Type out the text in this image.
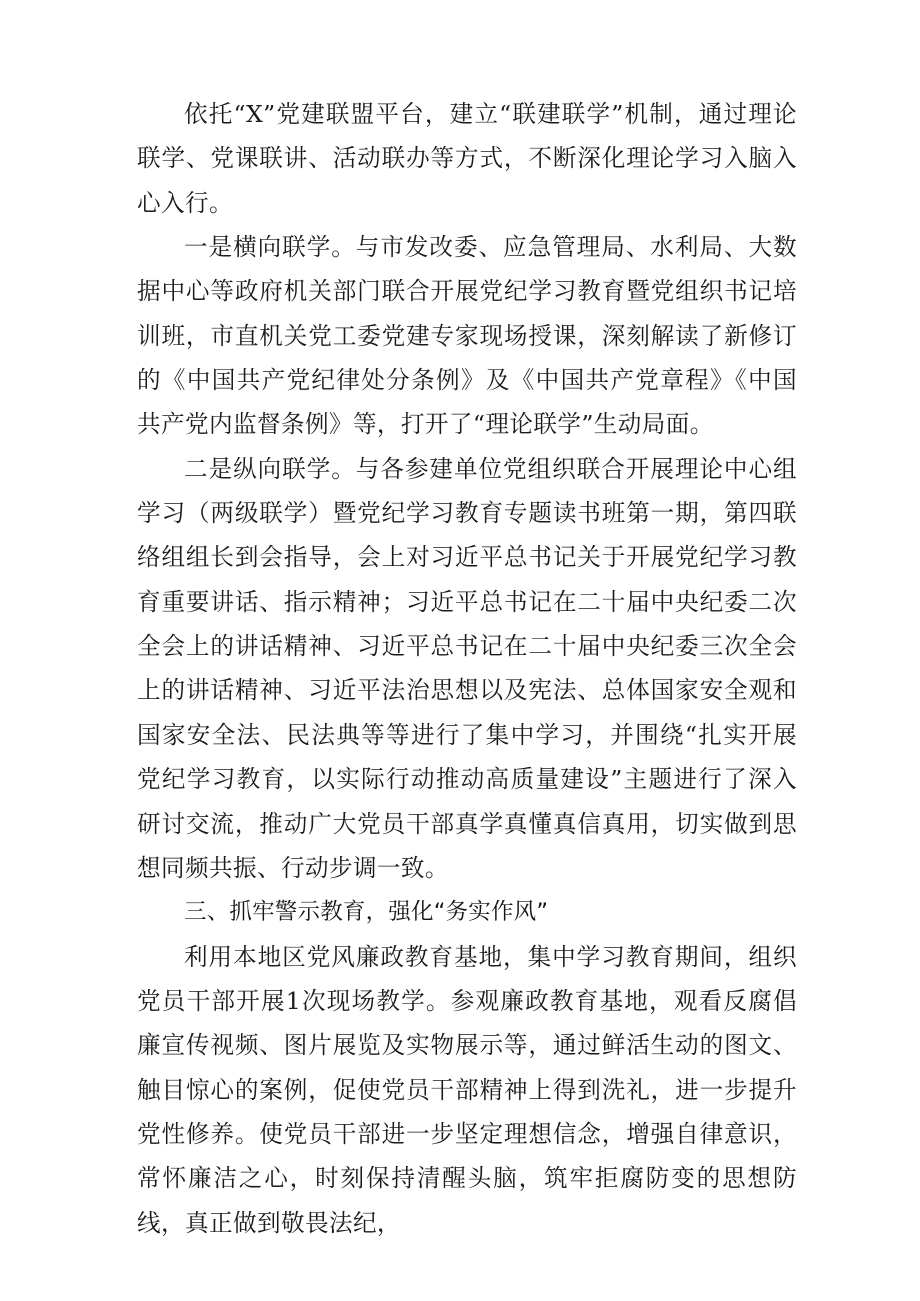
依托“X”党建联盟平台，建立“联建联学”机制，通过理论联学、党课联讲、活动联办等方式，不断深化理论学习入脑入心入行。

一是横向联学。与市发改委、应急管理局、水利局、大数据中心等政府机关部门联合开展党纪学习教育暨党组织书记培训班，市直机关党工委党建专家现场授课，深刻解读了新修订的《中国共产党纪律处分条例》及《中国共产党章程》《中国共产党内监督条例》等，打开了“理论联学”生动局面。

二是纵向联学。与各参建单位党组织联合开展理论中心组学习（两级联学）暨党纪学习教育专题读书班第一期，第四联络组组长到会指导，会上对习近平总书记关于开展党纪学习教育重要讲话、指示精神；习近平总书记在二十届中央纪委二次全会上的讲话精神、习近平总书记在二十届中央纪委三次全会上的讲话精神、习近平法治思想以及宪法、总体国家安全观和国家安全法、民法典等等进行了集中学习，并围绕“扎实开展党纪学习教育，以实际行动推动高质量建设”主题进行了深入研讨交流，推动广大党员干部真学真懂真信真用，切实做到思想同频共振、行动步调一致。

三、抓牢警示教育，强化“务实作风”

利用本地区党风廉政教育基地，集中学习教育期间，组织党员干部开展1次现场教学。参观廉政教育基地，观看反腐倡廉宣传视频、图片展览及实物展示等，通过鲜活生动的图文、触目惊心的案例，促使党员干部精神上得到洗礼，进一步提升党性修养。使党员干部进一步坚定理想信念，增强自律意识，常怀廉洁之心，时刻保持清醒头脑，筑牢拒腐防变的思想防线，真正做到敬畏法纪，
